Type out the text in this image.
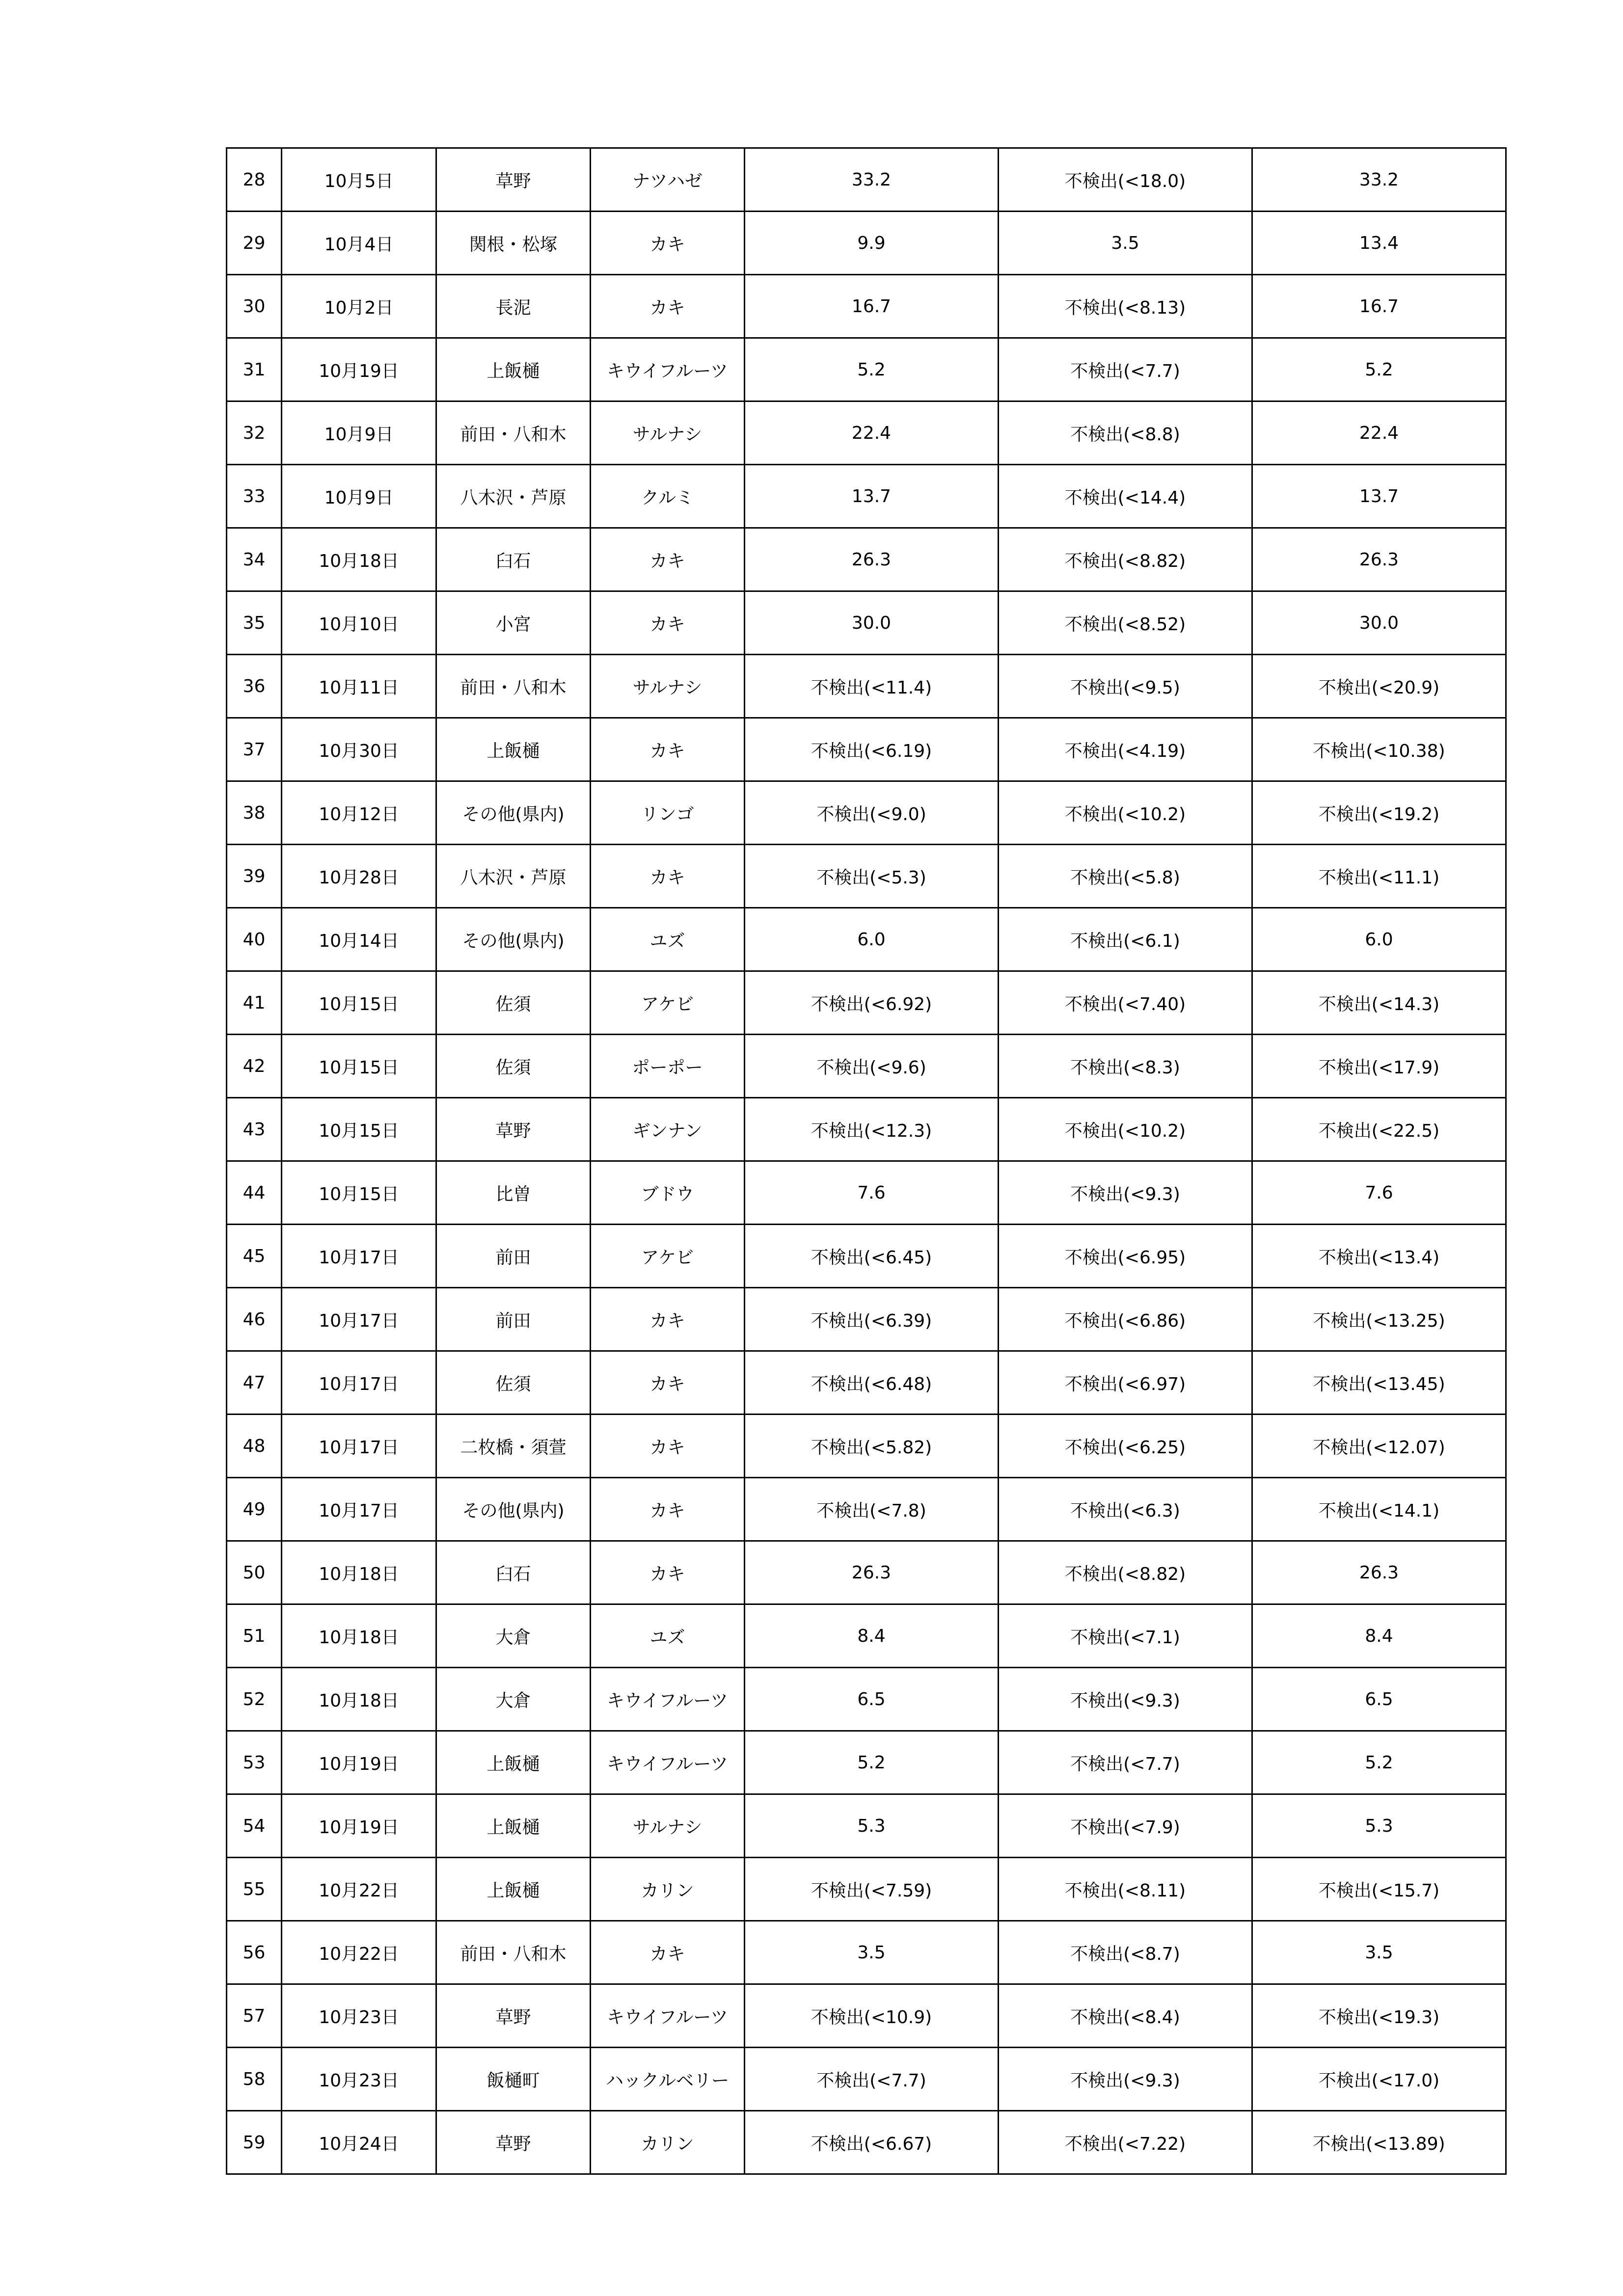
28	10月5日	草野	ナツハゼ	33.2	不検出(<18.0)	33.2
29	10月4日	関根・松塚	カキ	9.9	3.5	13.4
30	10月2日	長泥	カキ	16.7	不検出(<8.13)	16.7
31	10月19日	上飯樋	キウイフルーツ	5.2	不検出(<7.7)	5.2
32	10月9日	前田・八和木	サルナシ	22.4	不検出(<8.8)	22.4
33	10月9日	八木沢・芦原	クルミ	13.7	不検出(<14.4)	13.7
34	10月18日	臼石	カキ	26.3	不検出(<8.82)	26.3
35	10月10日	小宮	カキ	30.0	不検出(<8.52)	30.0
36	10月11日	前田・八和木	サルナシ	不検出(<11.4)	不検出(<9.5)	不検出(<20.9)
37	10月30日	上飯樋	カキ	不検出(<6.19)	不検出(<4.19)	不検出(<10.38)
38	10月12日	その他(県内)	リンゴ	不検出(<9.0)	不検出(<10.2)	不検出(<19.2)
39	10月28日	八木沢・芦原	カキ	不検出(<5.3)	不検出(<5.8)	不検出(<11.1)
40	10月14日	その他(県内)	ユズ	6.0	不検出(<6.1)	6.0
41	10月15日	佐須	アケビ	不検出(<6.92)	不検出(<7.40)	不検出(<14.3)
42	10月15日	佐須	ポーポー	不検出(<9.6)	不検出(<8.3)	不検出(<17.9)
43	10月15日	草野	ギンナン	不検出(<12.3)	不検出(<10.2)	不検出(<22.5)
44	10月15日	比曽	ブドウ	7.6	不検出(<9.3)	7.6
45	10月17日	前田	アケビ	不検出(<6.45)	不検出(<6.95)	不検出(<13.4)
46	10月17日	前田	カキ	不検出(<6.39)	不検出(<6.86)	不検出(<13.25)
47	10月17日	佐須	カキ	不検出(<6.48)	不検出(<6.97)	不検出(<13.45)
48	10月17日	二枚橋・須萱	カキ	不検出(<5.82)	不検出(<6.25)	不検出(<12.07)
49	10月17日	その他(県内)	カキ	不検出(<7.8)	不検出(<6.3)	不検出(<14.1)
50	10月18日	臼石	カキ	26.3	不検出(<8.82)	26.3
51	10月18日	大倉	ユズ	8.4	不検出(<7.1)	8.4
52	10月18日	大倉	キウイフルーツ	6.5	不検出(<9.3)	6.5
53	10月19日	上飯樋	キウイフルーツ	5.2	不検出(<7.7)	5.2
54	10月19日	上飯樋	サルナシ	5.3	不検出(<7.9)	5.3
55	10月22日	上飯樋	カリン	不検出(<7.59)	不検出(<8.11)	不検出(<15.7)
56	10月22日	前田・八和木	カキ	3.5	不検出(<8.7)	3.5
57	10月23日	草野	キウイフルーツ	不検出(<10.9)	不検出(<8.4)	不検出(<19.3)
58	10月23日	飯樋町	ハックルベリー	不検出(<7.7)	不検出(<9.3)	不検出(<17.0)
59	10月24日	草野	カリン	不検出(<6.67)	不検出(<7.22)	不検出(<13.89)
